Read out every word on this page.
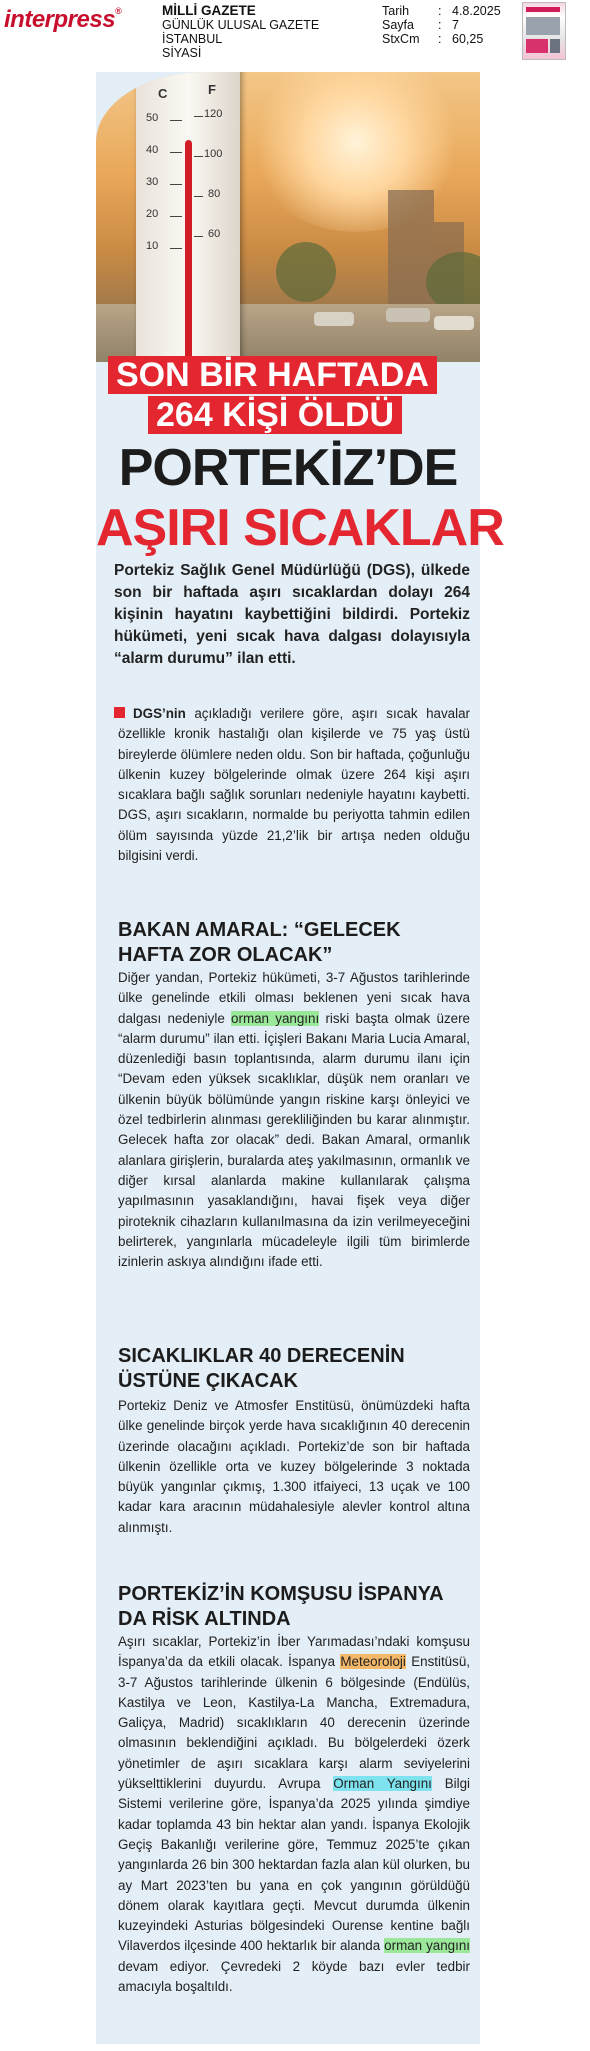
interpress®	MİLLİ GAZETE
GÜNLÜK ULUSAL GAZETE
İSTANBUL
SİYASİ
Tarih	: 4.8.2025
Sayfa	: 7
StxCm	: 60,25
C	F
50
40
30
20
10
120
100
80
60
SON BİR HAFTADA
264 KİŞİ ÖLDÜ
PORTEKİZ’DE
AŞIRI SICAKLAR
Portekiz Sağlık Genel Müdürlüğü (DGS), ülkede son bir haftada aşırı sıcaklardan dolayı 264 kişinin hayatını kaybettiğini bildirdi. Portekiz hükümeti, yeni sıcak hava dalgası dolayısıyla “alarm durumu” ilan etti.
DGS’nin açıkladığı verilere göre, aşırı sıcak havalar özellikle kronik hastalığı olan kişilerde ve 75 yaş üstü bireylerde ölümlere neden oldu. Son bir haftada, çoğunluğu ülkenin kuzey bölgelerinde olmak üzere 264 kişi aşırı sıcaklara bağlı sağlık sorunları nedeniyle hayatını kaybetti. DGS, aşırı sıcakların, normalde bu periyotta tahmin edilen ölüm sayısında yüzde 21,2’lik bir artışa neden olduğu bilgisini verdi.
BAKAN AMARAL: “GELECEK HAFTA ZOR OLACAK”
Diğer yandan, Portekiz hükümeti, 3-7 Ağustos tarihlerinde ülke genelinde etkili olması beklenen yeni sıcak hava dalgası nedeniyle orman yangını riski başta olmak üzere “alarm durumu” ilan etti. İçişleri Bakanı Maria Lucia Amaral, düzenlediği basın toplantısında, alarm durumu ilanı için “Devam eden yüksek sıcaklıklar, düşük nem oranları ve ülkenin büyük bölümünde yangın riskine karşı önleyici ve özel tedbirlerin alınması gerekliliğinden bu karar alınmıştır. Gelecek hafta zor olacak” dedi. Bakan Amaral, ormanlık alanlara girişlerin, buralarda ateş yakılmasının, ormanlık ve diğer kırsal alanlarda makine kullanılarak çalışma yapılmasının yasaklandığını, havai fişek veya diğer piroteknik cihazların kullanılmasına da izin verilmeyeceğini belirterek, yangınlarla mücadeleyle ilgili tüm birimlerde izinlerin askıya alındığını ifade etti.
SICAKLIKLAR 40 DERECENİN ÜSTÜNE ÇIKACAK
Portekiz Deniz ve Atmosfer Enstitüsü, önümüzdeki hafta ülke genelinde birçok yerde hava sıcaklığının 40 derecenin üzerinde olacağını açıkladı. Portekiz’de son bir haftada ülkenin özellikle orta ve kuzey bölgelerinde 3 noktada büyük yangınlar çıkmış, 1.300 itfaiyeci, 13 uçak ve 100 kadar kara aracının müdahalesiyle alevler kontrol altına alınmıştı.
PORTEKİZ’İN KOMŞUSU İSPANYA DA RİSK ALTINDA
Aşırı sıcaklar, Portekiz’in İber Yarımadası’ndaki komşusu İspanya’da da etkili olacak. İspanya Meteoroloji Enstitüsü, 3-7 Ağustos tarihlerinde ülkenin 6 bölgesinde (Endülüs, Kastilya ve Leon, Kastilya-La Mancha, Extremadura, Galiçya, Madrid) sıcaklıkların 40 derecenin üzerinde olmasının beklendiğini açıkladı. Bu bölgelerdeki özerk yönetimler de aşırı sıcaklara karşı alarm seviyelerini yükselttiklerini duyurdu. Avrupa Orman Yangını Bilgi Sistemi verilerine göre, İspanya’da 2025 yılında şimdiye kadar toplamda 43 bin hektar alan yandı. İspanya Ekolojik Geçiş Bakanlığı verilerine göre, Temmuz 2025’te çıkan yangınlarda 26 bin 300 hektardan fazla alan kül olurken, bu ay Mart 2023’ten bu yana en çok yangının görüldüğü dönem olarak kayıtlara geçti. Mevcut durumda ülkenin kuzeyindeki Asturias bölgesindeki Ourense kentine bağlı Vilaverdos ilçesinde 400 hektarlık bir alanda orman yangını devam ediyor. Çevredeki 2 köyde bazı evler tedbir amacıyla boşaltıldı.
